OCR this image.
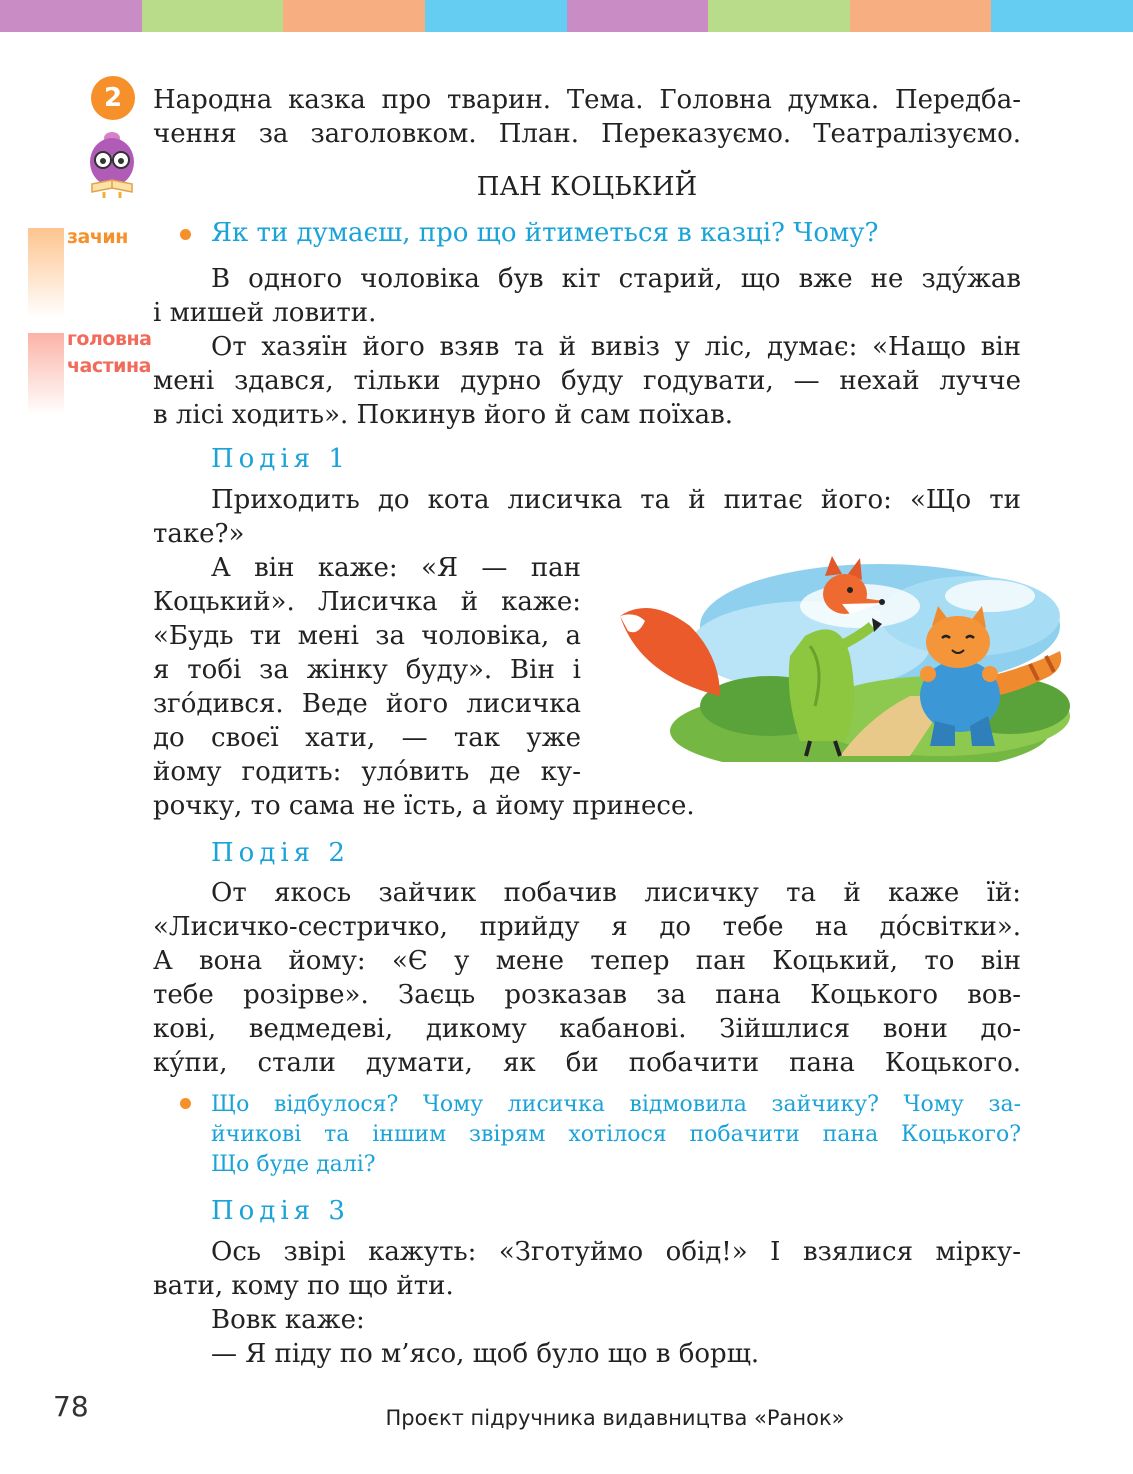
2	Народна казка про тварин. Тема. Головна думка. Передба-
чення за заголовком. План. Переказуємо. Театралізуємо.
зачин
головна
частина
ПАН КОЦЬКИЙ
Як ти думаєш, про що йтиметься в казці? Чому?
В одного чоловіка був кіт старий, що вже не зду́жав
і мишей ловити.
От хазяїн його взяв та й вивіз у ліс, думає: «Нащо він
мені здався, тільки дурно буду годувати, — нехай лучче
в лісі ходить». Покинув його й сам поїхав.
Подія 1
Приходить до кота лисичка та й питає його: «Що ти
таке?»
А він каже: «Я — пан
Коцький». Лисичка й каже:
«Будь ти мені за чоловіка, а
я тобі за жінку буду». Він і
зго́дився. Веде його лисичка
до своєї хати, — так уже
йому годить: уло́вить де ку-
рочку, то сама не їсть, а йому принесе.
Подія 2
От якось зайчик побачив лисичку та й каже їй:
«Лисичко-сестричко, прийду я до тебе на до́світки».
А вона йому: «Є у мене тепер пан Коцький, то він
тебе розірве». Заєць розказав за пана Коцького вов-
кові, ведмедеві, дикому кабанові. Зійшлися вони до-
ку́пи, стали думати, як би побачити пана Коцького.
Що відбулося? Чому лисичка відмовила зайчику? Чому за-
йчикові та іншим звірям хотілося побачити пана Коцького?
Що буде далі?
Подія 3
Ось звірі кажуть: «Зготуймо обід!» І взялися мірку-
вати, кому по що йти.
Вовк каже:
— Я піду по м’ясо, щоб було що в борщ.
78	Проєкт підручника видавництва «Ранок»
